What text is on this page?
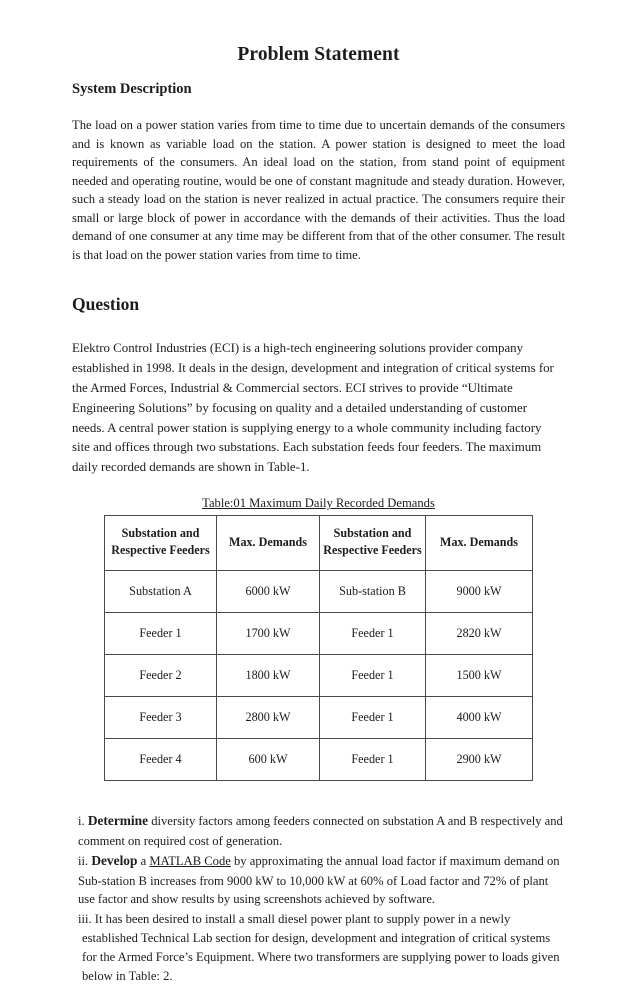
Problem Statement
System Description

The load on a power station varies from time to time due to uncertain demands of the consumers and is known as variable load on the station. A power station is designed to meet the load requirements of the consumers. An ideal load on the station, from stand point of equipment needed and operating routine, would be one of constant magnitude and steady duration. However, such a steady load on the station is never realized in actual practice. The consumers require their small or large block of power in accordance with the demands of their activities. Thus the load demand of one consumer at any time may be different from that of the other consumer. The result is that load on the power station varies from time to time.

Question

Elektro Control Industries (ECI) is a high-tech engineering solutions provider company established in 1998. It deals in the design, development and integration of critical systems for the Armed Forces, Industrial & Commercial sectors. ECI strives to provide “Ultimate Engineering Solutions” by focusing on quality and a detailed understanding of customer needs. A central power station is supplying energy to a whole community including factory site and offices through two substations. Each substation feeds four feeders. The maximum daily recorded demands are shown in Table-1.

Table:01 Maximum Daily Recorded Demands
Substation and Respective Feeders	Max. Demands	Substation and Respective Feeders	Max. Demands
Substation A	6000 kW	Sub-station B	9000 kW
Feeder 1	1700 kW	Feeder 1	2820 kW
Feeder 2	1800 kW	Feeder 1	1500 kW
Feeder 3	2800 kW	Feeder 1	4000 kW
Feeder 4	600 kW	Feeder 1	2900 kW

i. Determine diversity factors among feeders connected on substation A and B respectively and comment on required cost of generation.

ii. Develop a MATLAB Code by approximating the annual load factor if maximum demand on Sub-station B increases from 9000 kW to 10,000 kW at 60% of Load factor and 72% of plant use factor and show results by using screenshots achieved by software.

iii. It has been desired to install a small diesel power plant to supply power in a newly established Technical Lab section for design, development and integration of critical systems for the Armed Force’s Equipment. Where two transformers are supplying power to loads given below in Table: 2.
